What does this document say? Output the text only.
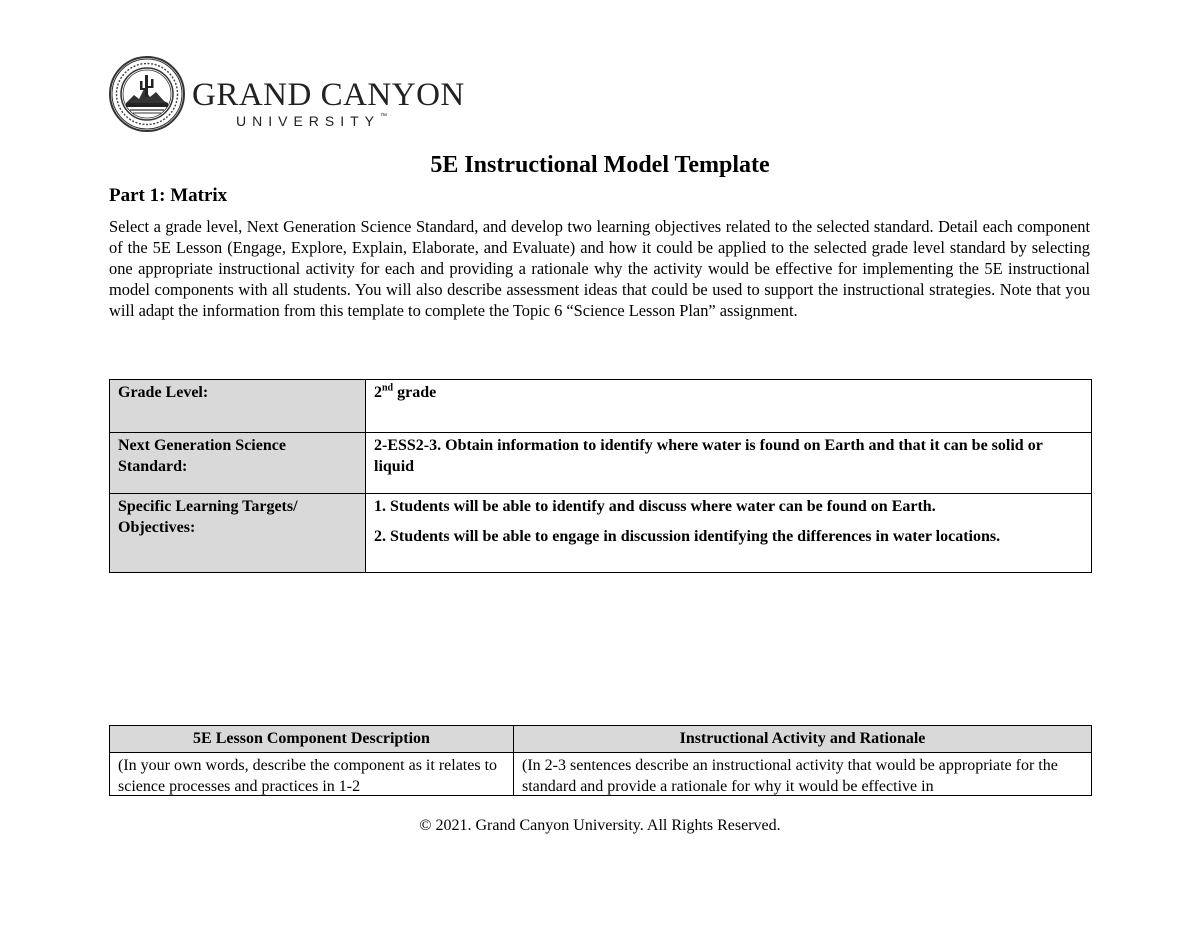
GRAND CANYON
UNIVERSITY™
5E Instructional Model Template
Part 1: Matrix

Select a grade level, Next Generation Science Standard, and develop two learning objectives related to the selected standard. Detail each component of the 5E Lesson (Engage, Explore, Explain, Elaborate, and Evaluate) and how it could be applied to the selected grade level standard by selecting one appropriate instructional activity for each and providing a rationale why the activity would be effective for implementing the 5E instructional model components with all students. You will also describe assessment ideas that could be used to support the instructional strategies. Note that you will adapt the information from this template to complete the Topic 6 “Science Lesson Plan” assignment.

Grade Level:	2nd grade
Next Generation Science Standard:	2-ESS2-3. Obtain information to identify where water is found on Earth and that it can be solid or liquid
Specific Learning Targets/ Objectives:	1. Students will be able to identify and discuss where water can be found on Earth.

2. Students will be able to engage in discussion identifying the differences in water locations.

5E Lesson Component Description	Instructional Activity and Rationale

(In your own words, describe the component as it relates to science processes and practices in 1-2	(In 2-3 sentences describe an instructional activity that would be appropriate for the standard and provide a rationale for why it would be effective in
© 2021. Grand Canyon University. All Rights Reserved.
